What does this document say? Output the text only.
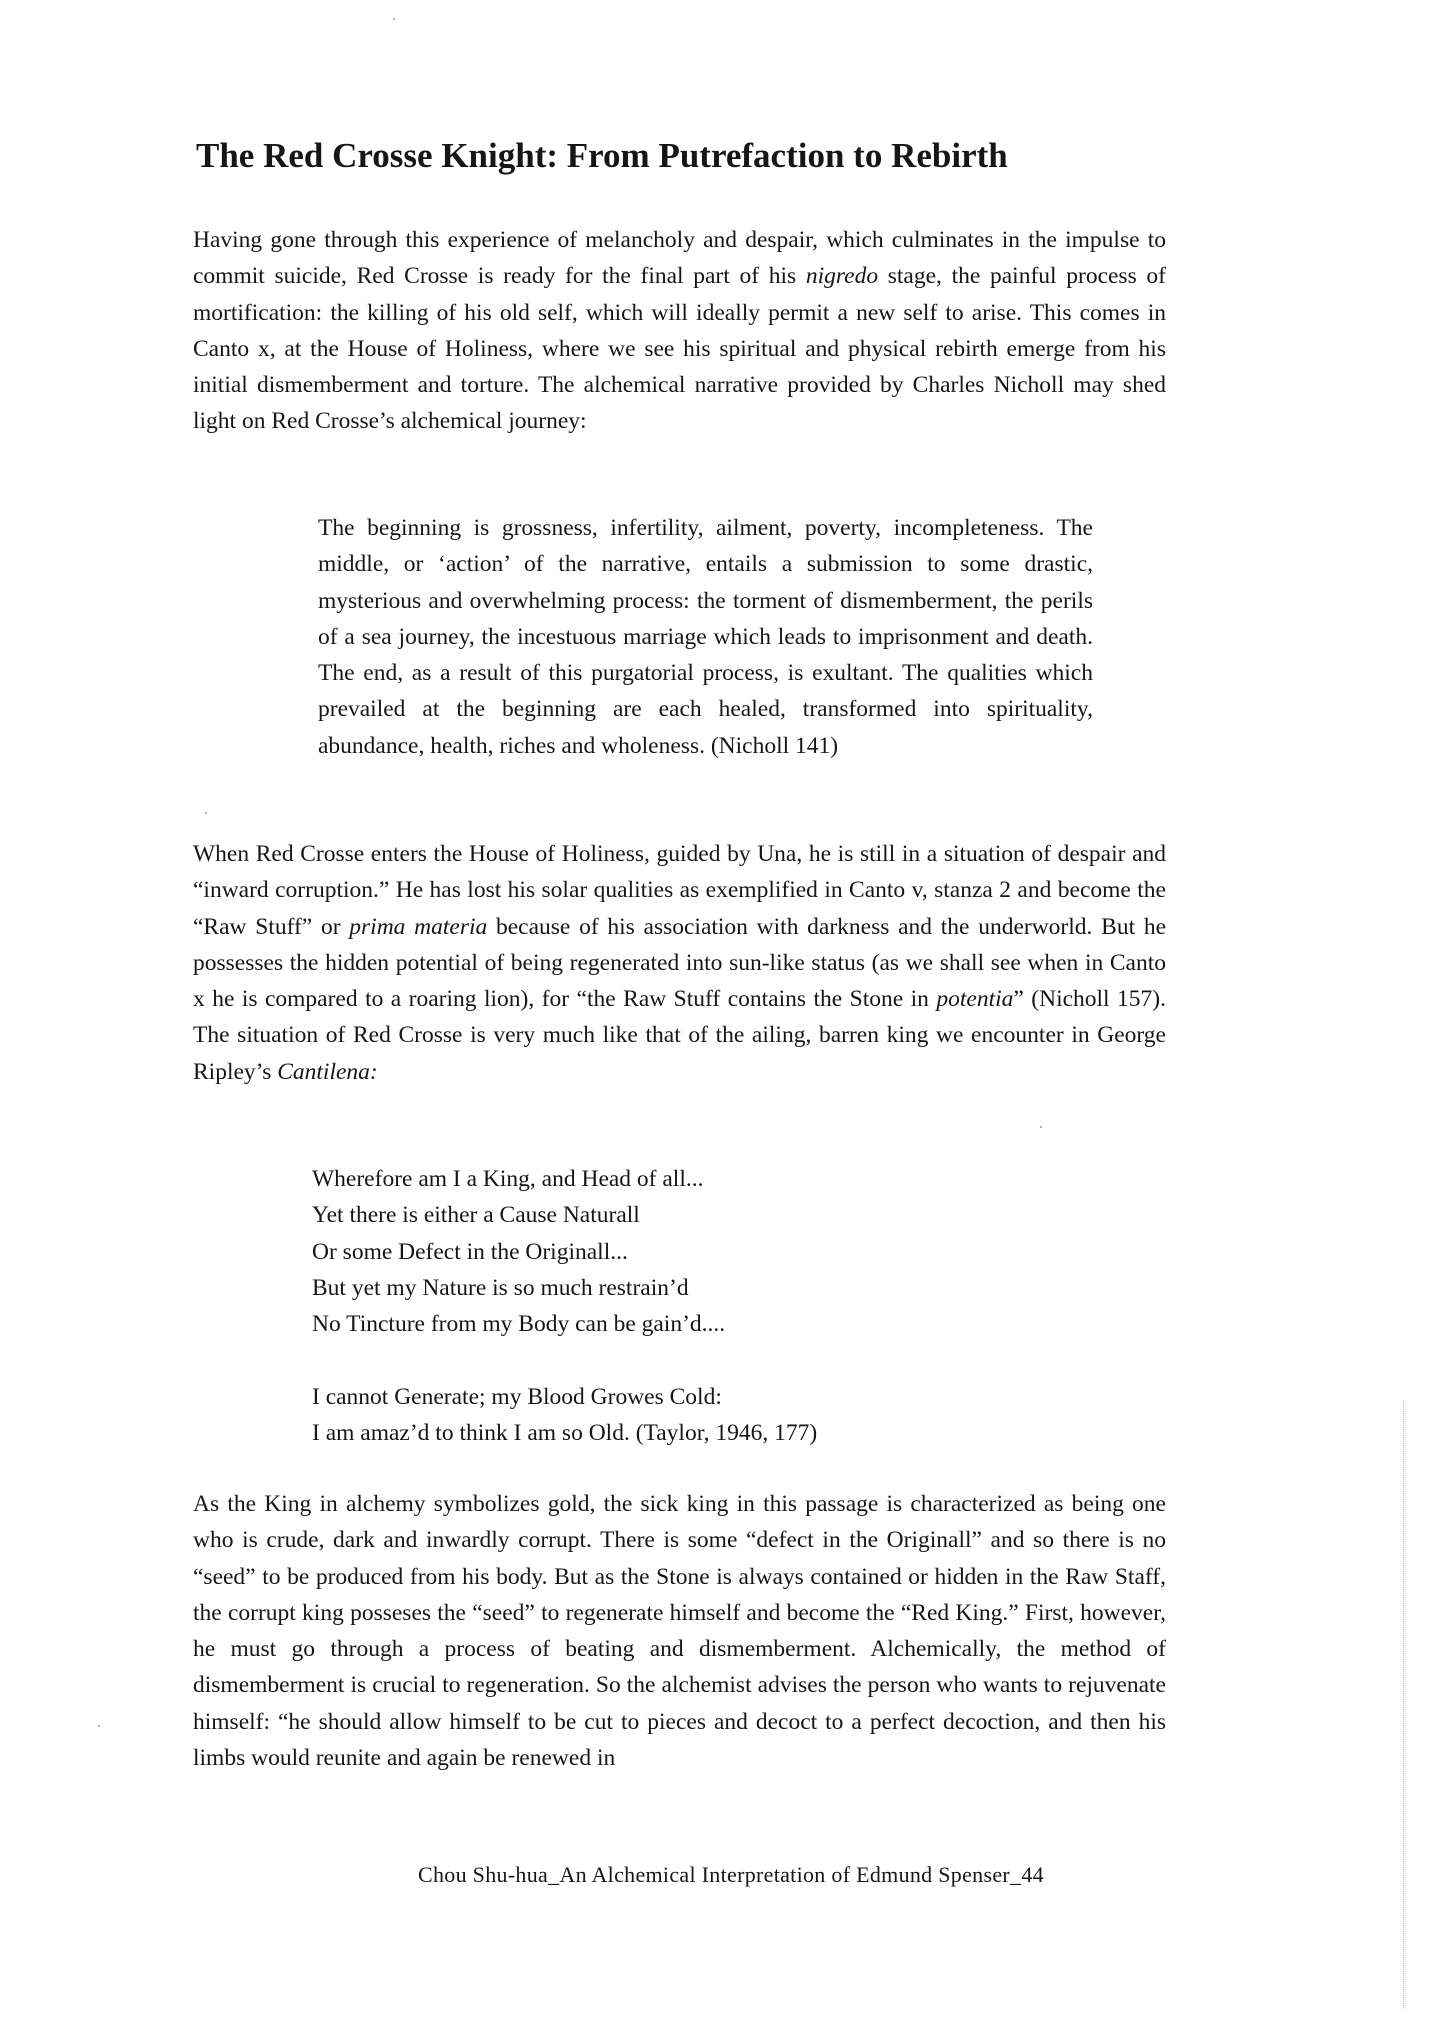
The Red Crosse Knight: From Putrefaction to Rebirth

Having gone through this experience of melancholy and despair, which culminates in the impulse to commit suicide, Red Crosse is ready for the final part of his nigredo stage, the painful process of mortification: the killing of his old self, which will ideally permit a new self to arise. This comes in Canto x, at the House of Holiness, where we see his spiritual and physical rebirth emerge from his initial dismemberment and torture. The alchemical narrative provided by Charles Nicholl may shed light on Red Crosse’s alchemical journey:

The beginning is grossness, infertility, ailment, poverty, incompleteness. The middle, or ‘action’ of the narrative, entails a submission to some drastic, mysterious and overwhelming process: the torment of dismemberment, the perils of a sea journey, the incestuous marriage which leads to imprisonment and death. The end, as a result of this purgatorial process, is exultant. The qualities which prevailed at the beginning are each healed, transformed into spirituality, abundance, health, riches and wholeness. (Nicholl 141)

When Red Crosse enters the House of Holiness, guided by Una, he is still in a situation of despair and “inward corruption.” He has lost his solar qualities as exemplified in Canto v, stanza 2 and become the “Raw Stuff” or prima materia because of his association with darkness and the underworld. But he possesses the hidden potential of being regenerated into sun-like status (as we shall see when in Canto x he is compared to a roaring lion), for “the Raw Stuff contains the Stone in potentia” (Nicholl 157). The situation of Red Crosse is very much like that of the ailing, barren king we encounter in George Ripley’s Cantilena:

Wherefore am I a King, and Head of all...
Yet there is either a Cause Naturall
Or some Defect in the Originall...
But yet my Nature is so much restrain’d
No Tincture from my Body can be gain’d....
I cannot Generate; my Blood Growes Cold:
I am amaz’d to think I am so Old. (Taylor, 1946, 177)

As the King in alchemy symbolizes gold, the sick king in this passage is characterized as being one who is crude, dark and inwardly corrupt. There is some “defect in the Originall” and so there is no “seed” to be produced from his body. But as the Stone is always contained or hidden in the Raw Staff, the corrupt king posseses the “seed” to regenerate himself and become the “Red King.” First, however, he must go through a process of beating and dismemberment. Alchemically, the method of dismemberment is crucial to regeneration. So the alchemist advises the person who wants to rejuvenate himself: “he should allow himself to be cut to pieces and decoct to a perfect decoction, and then his limbs would reunite and again be renewed in

Chou Shu-hua_An Alchemical Interpretation of Edmund Spenser_44
